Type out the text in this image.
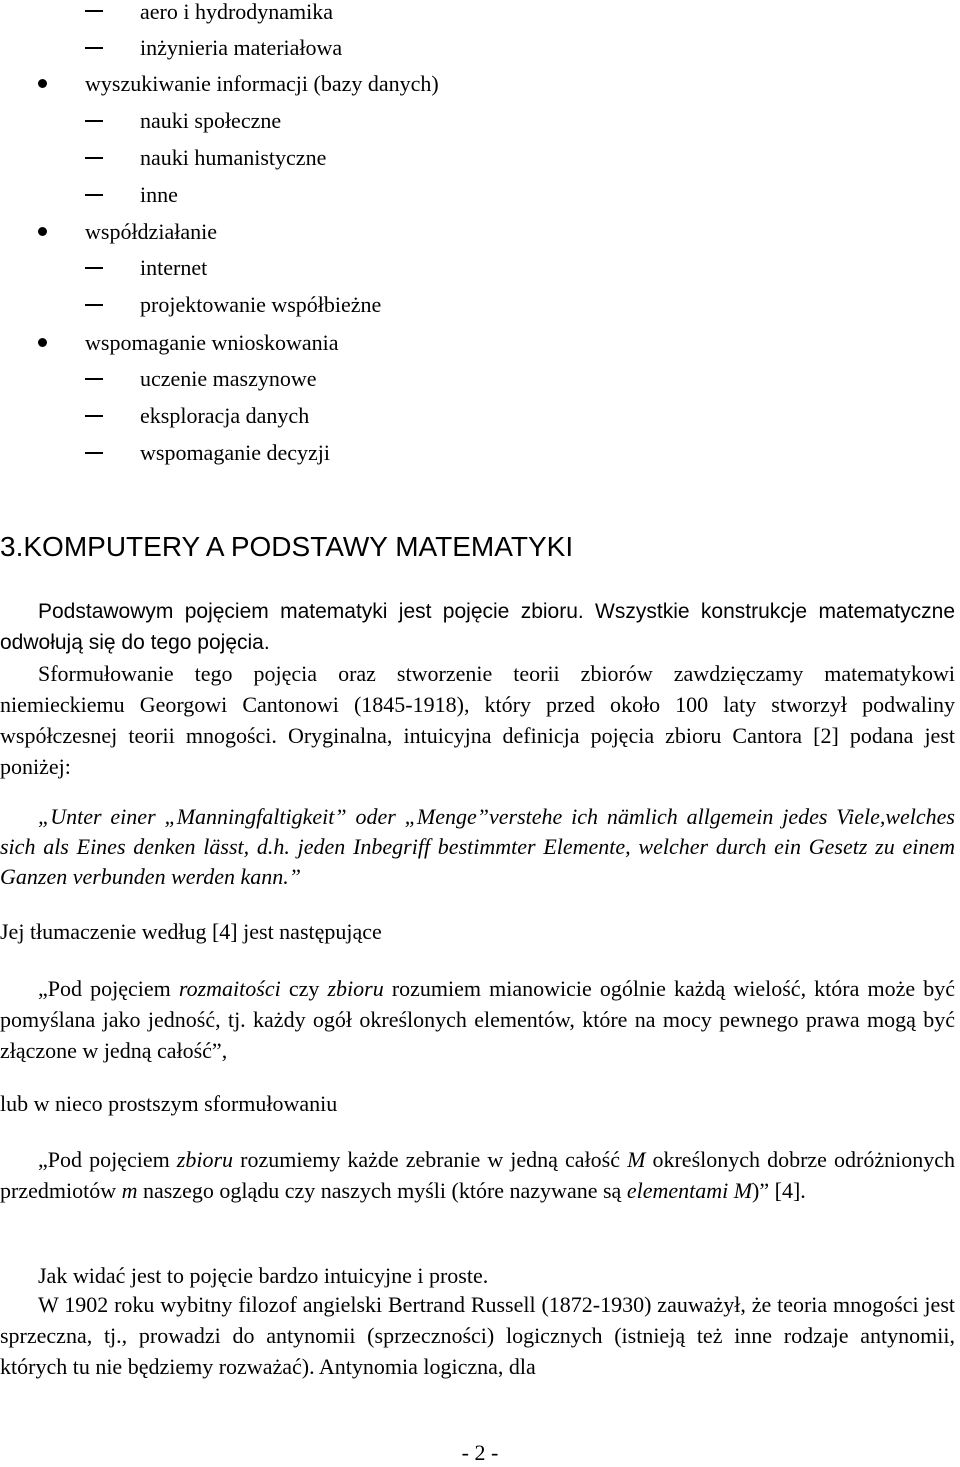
aero i hydrodynamika
inżynieria materiałowa
wyszukiwanie informacji (bazy danych)
nauki społeczne
nauki humanistyczne
inne
współdziałanie
internet
projektowanie współbieżne
wspomaganie wnioskowania
uczenie maszynowe
eksploracja danych
wspomaganie decyzji
3.KOMPUTERY A PODSTAWY MATEMATYKI

Podstawowym pojęciem matematyki jest pojęcie zbioru. Wszystkie konstrukcje matematyczne odwołują się do tego pojęcia.

Sformułowanie tego pojęcia oraz stworzenie teorii zbiorów zawdzięczamy matematykowi niemieckiemu Georgowi Cantonowi (1845-1918), który przed około 100 laty stworzył podwaliny współczesnej teorii mnogości. Oryginalna, intuicyjna definicja pojęcia zbioru Cantora [2] podana jest poniżej:

„Unter einer „Manningfaltigkeit” oder „Menge”verstehe ich nämlich allgemein jedes Viele,welches sich als Eines denken lässt, d.h. jeden Inbegriff bestimmter Elemente, welcher durch ein Gesetz zu einem Ganzen verbunden werden kann.”

Jej tłumaczenie według [4] jest następujące

„Pod pojęciem rozmaitości czy zbioru rozumiem mianowicie ogólnie każdą wielość, która może być pomyślana jako jedność, tj. każdy ogół określonych elementów, które na mocy pewnego prawa mogą być złączone w jedną całość”,

lub w nieco prostszym sformułowaniu

„Pod pojęciem zbioru rozumiemy każde zebranie w jedną całość M określonych dobrze odróżnionych przedmiotów m naszego oglądu czy naszych myśli (które nazywane są elementami M)” [4].

Jak widać jest to pojęcie bardzo intuicyjne i proste.

W 1902 roku wybitny filozof angielski Bertrand Russell (1872-1930) zauważył, że teoria mnogości jest sprzeczna, tj., prowadzi do antynomii (sprzeczności) logicznych (istnieją też inne rodzaje antynomii, których tu nie będziemy rozważać). Antynomia logiczna, dla

- 2 -
